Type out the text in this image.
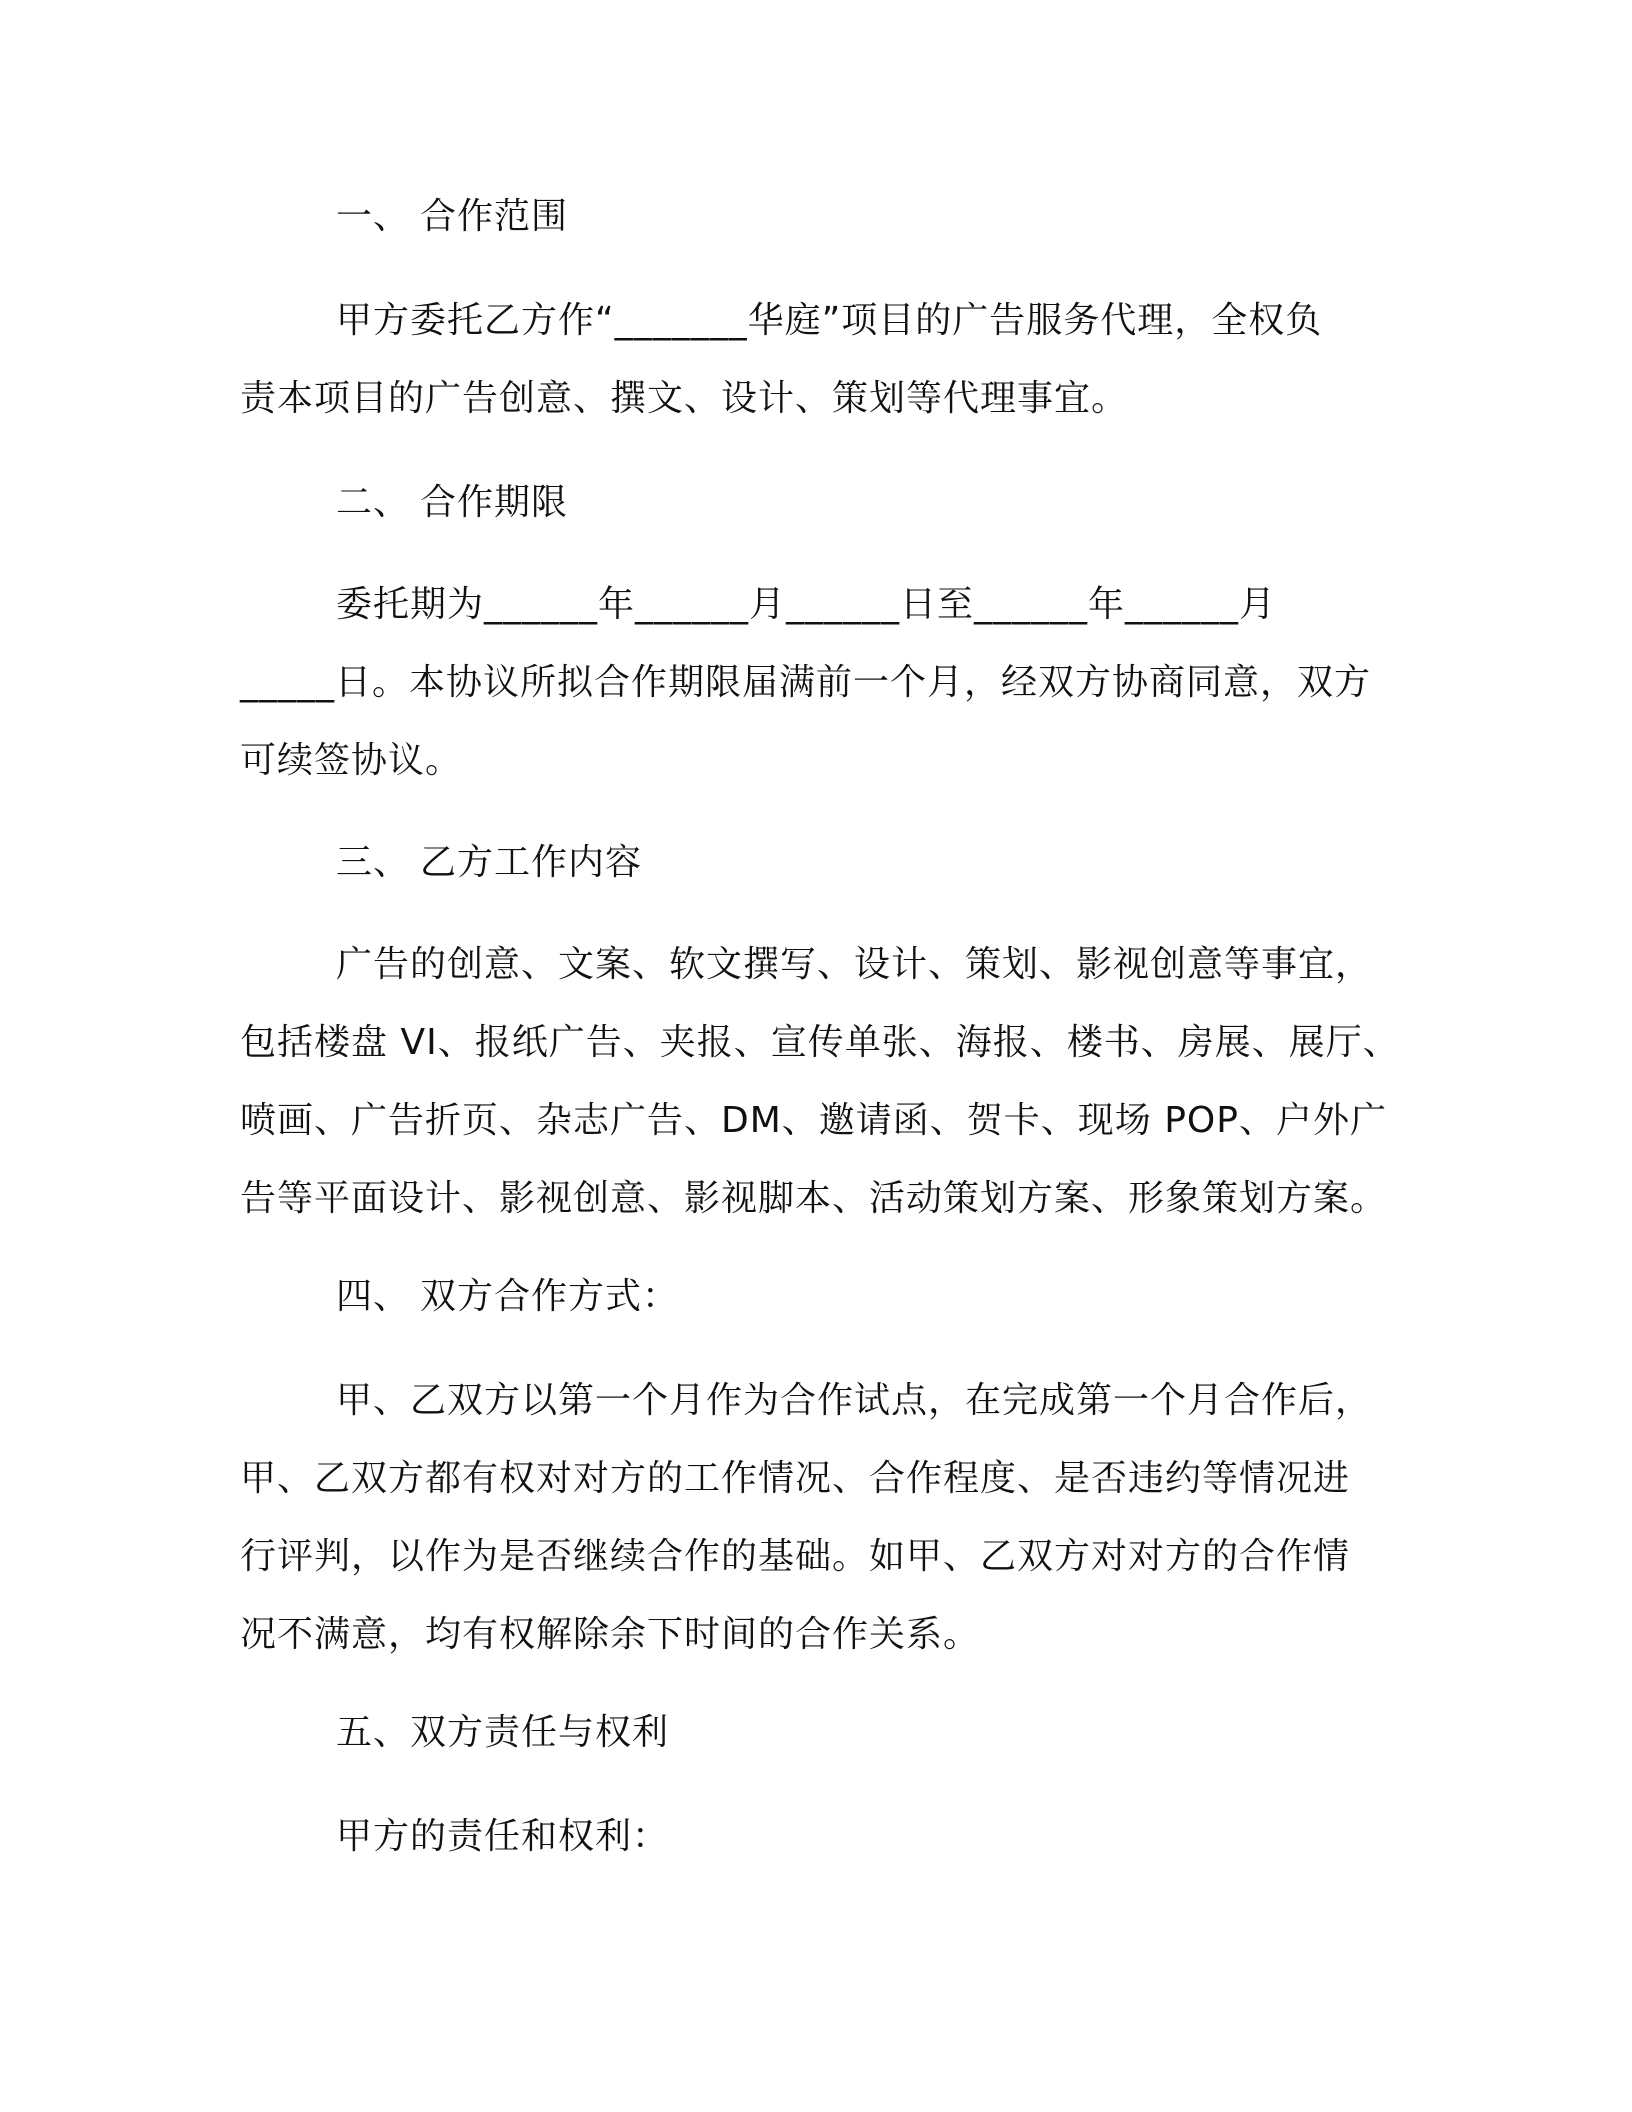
一、 合作范围
甲方委托乙方作“_______华庭”项目的广告服务代理，全权负
责本项目的广告创意、撰文、设计、策划等代理事宜。
二、 合作期限
委托期为______年______月______日至______年______月
_____日。本协议所拟合作期限届满前一个月，经双方协商同意，双方
可续签协议。
三、 乙方工作内容
广告的创意、文案、软文撰写、设计、策划、影视创意等事宜，
包括楼盘 VI、报纸广告、夹报、宣传单张、海报、楼书、房展、展厅、
喷画、广告折页、杂志广告、DM、邀请函、贺卡、现场 POP、户外广
告等平面设计、影视创意、影视脚本、活动策划方案、形象策划方案。
四、 双方合作方式：
甲、乙双方以第一个月作为合作试点，在完成第一个月合作后，
甲、乙双方都有权对对方的工作情况、合作程度、是否违约等情况进
行评判，以作为是否继续合作的基础。如甲、乙双方对对方的合作情
况不满意，均有权解除余下时间的合作关系。
五、双方责任与权利
甲方的责任和权利：
